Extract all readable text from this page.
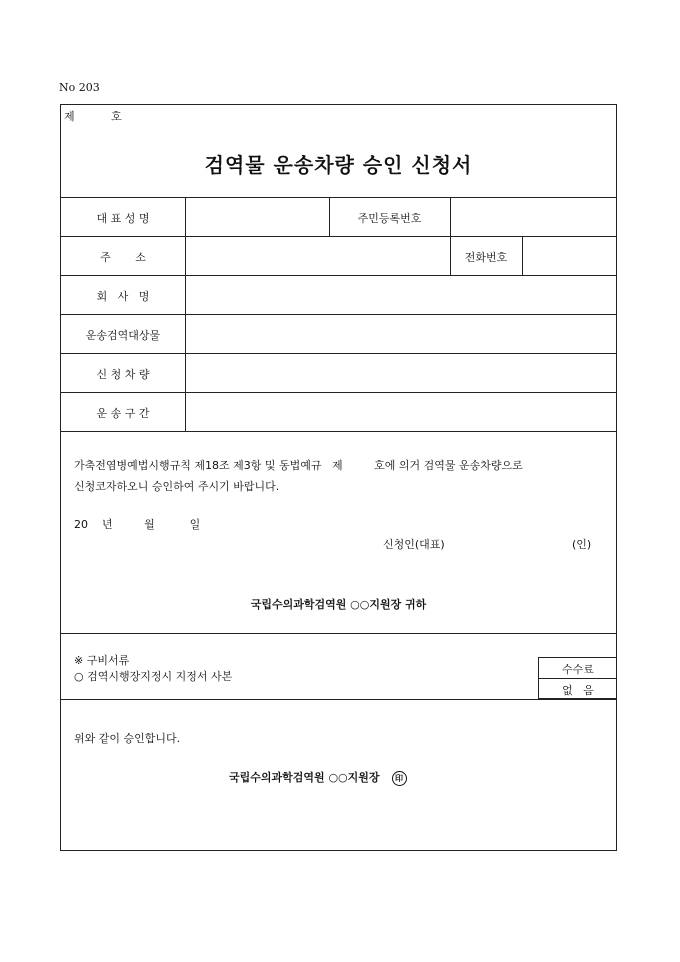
No 203
제	호
검역물 운송차량 승인 신청서
대 표 성 명	주민등록번호
주       소	전화번호
회   사   명
운송검역대상물
신 청 차 량
운 송 구 간
가축전염병예법시행규칙 제18조 제3항 및 동법예규   제         호에 의거 검역물 운송차량으로
신청코자하오니 승인하여 주시기 바랍니다.
20    년         월          일
신청인(대표)	(인)
국립수의과학검역원 ○○지원장 귀하
※ 구비서류
○ 검역시행장지정시 지정서 사본
수수료
없   음
위와 같이 승인합니다.
국립수의과학검역원 ○○지원장 印
